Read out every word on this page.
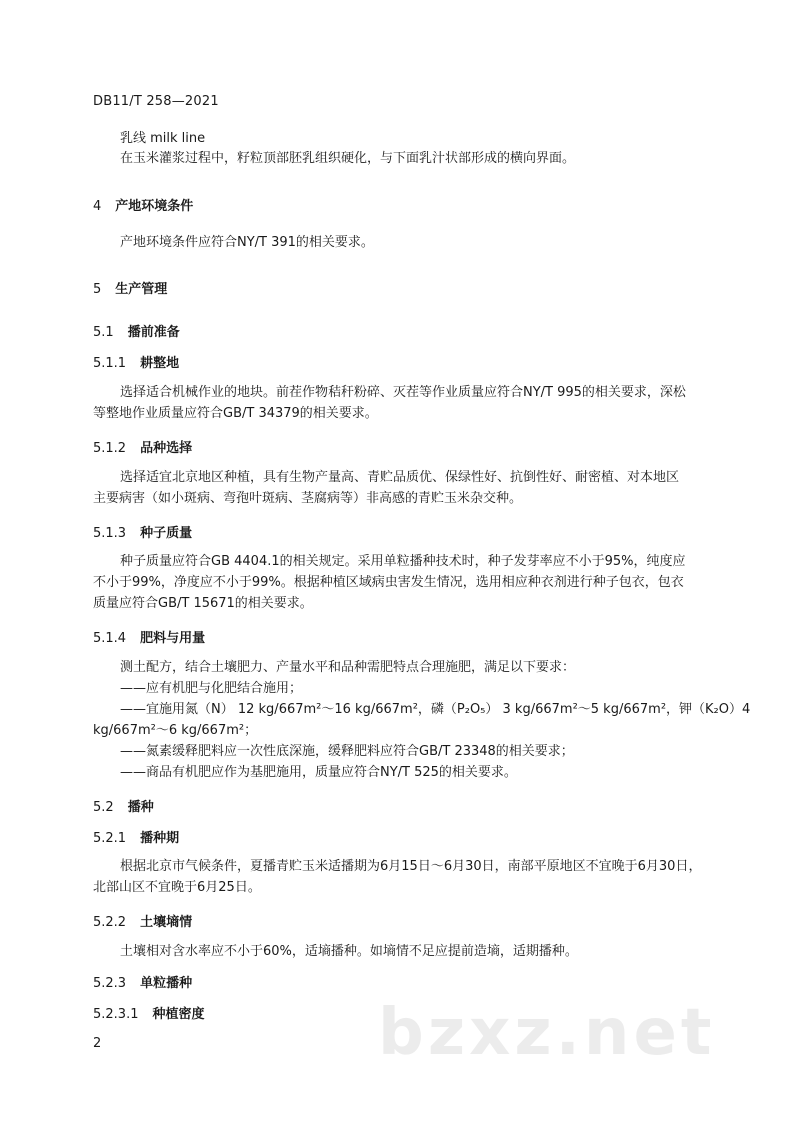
DB11/T 258—2021
乳线 milk line
在玉米灌浆过程中，籽粒顶部胚乳组织硬化，与下面乳汁状部形成的横向界面。
4 产地环境条件
产地环境条件应符合NY/T 391的相关要求。
5 生产管理
5.1 播前准备
5.1.1 耕整地
选择适合机械作业的地块。前茬作物秸秆粉碎、灭茬等作业质量应符合NY/T 995的相关要求，深松
等整地作业质量应符合GB/T 34379的相关要求。
5.1.2 品种选择
选择适宜北京地区种植，具有生物产量高、青贮品质优、保绿性好、抗倒性好、耐密植、对本地区
主要病害（如小斑病、弯孢叶斑病、茎腐病等）非高感的青贮玉米杂交种。
5.1.3 种子质量
种子质量应符合GB 4404.1的相关规定。采用单粒播种技术时，种子发芽率应不小于95%，纯度应
不小于99%，净度应不小于99%。根据种植区域病虫害发生情况，选用相应种衣剂进行种子包衣，包衣
质量应符合GB/T 15671的相关要求。
5.1.4 肥料与用量
测土配方，结合土壤肥力、产量水平和品种需肥特点合理施肥，满足以下要求：
——应有机肥与化肥结合施用；
——宜施用氮（N） 12 kg/667m²～16 kg/667m²，磷（P₂O₅） 3 kg/667m²～5 kg/667m²，钾（K₂O）4
kg/667m²～6 kg/667m²；
——氮素缓释肥料应一次性底深施，缓释肥料应符合GB/T 23348的相关要求；
——商品有机肥应作为基肥施用，质量应符合NY/T 525的相关要求。
5.2 播种
5.2.1 播种期
根据北京市气候条件，夏播青贮玉米适播期为6月15日～6月30日，南部平原地区不宜晚于6月30日，
北部山区不宜晚于6月25日。
5.2.2 土壤墒情
土壤相对含水率应不小于60%，适墒播种。如墒情不足应提前造墒，适期播种。
5.2.3 单粒播种
5.2.3.1 种植密度	bzxz.net
2
